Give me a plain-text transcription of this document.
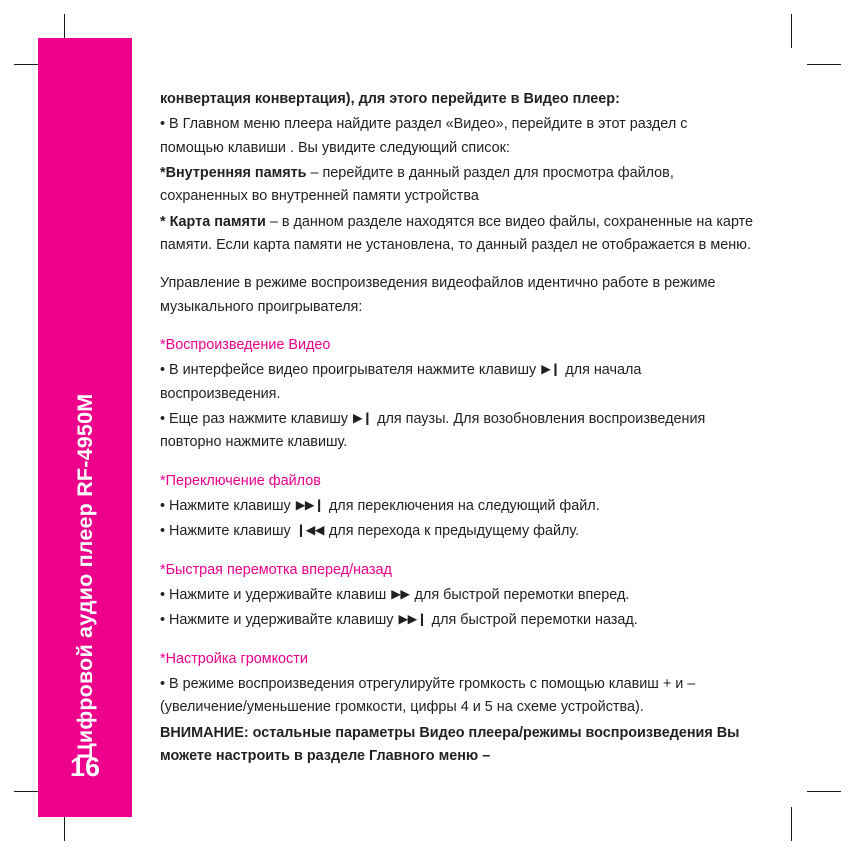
Цифровой аудио плеер RF-4950M
16

конвертация конвертация), для этого перейдите в Видео плеер:

• В Главном меню плеера найдите раздел «Видео», перейдите в этот раздел с помощью клавиши . Вы увидите следующий список:

*Внутренняя память – перейдите в данный раздел для просмотра файлов, сохраненных во внутренней памяти устройства

* Карта памяти – в данном разделе находятся все видео файлы, сохраненные на карте памяти. Если карта памяти не установлена, то данный раздел не отображается в меню.

Управление в режиме воспроизведения видеофайлов идентично работе в режиме музыкального проигрывателя:

*Воспроизведение Видео

• В интерфейсе видео проигрывателя нажмите клавишу ▶❙ для начала воспроизведения.

• Еще раз нажмите клавишу ▶❙ для паузы. Для возобновления воспроизведения повторно нажмите клавишу.

*Переключение файлов

• Нажмите клавишу ▶▶❙ для переключения на следующий файл.

• Нажмите клавишу ❙◀◀ для перехода к предыдущему файлу.

*Быстрая перемотка вперед/назад

• Нажмите и удерживайте клавиш ▶▶ для быстрой перемотки вперед.

• Нажмите и удерживайте клавишу ▶▶❙ для быстрой перемотки назад.

*Настройка громкости

• В режиме воспроизведения отрегулируйте громкость с помощью клавиш + и – (увеличение/уменьшение громкости, цифры 4 и 5 на схеме устройства).

ВНИМАНИЕ: остальные параметры Видео плеера/режимы воспроизведения Вы можете настроить в разделе Главного меню –
